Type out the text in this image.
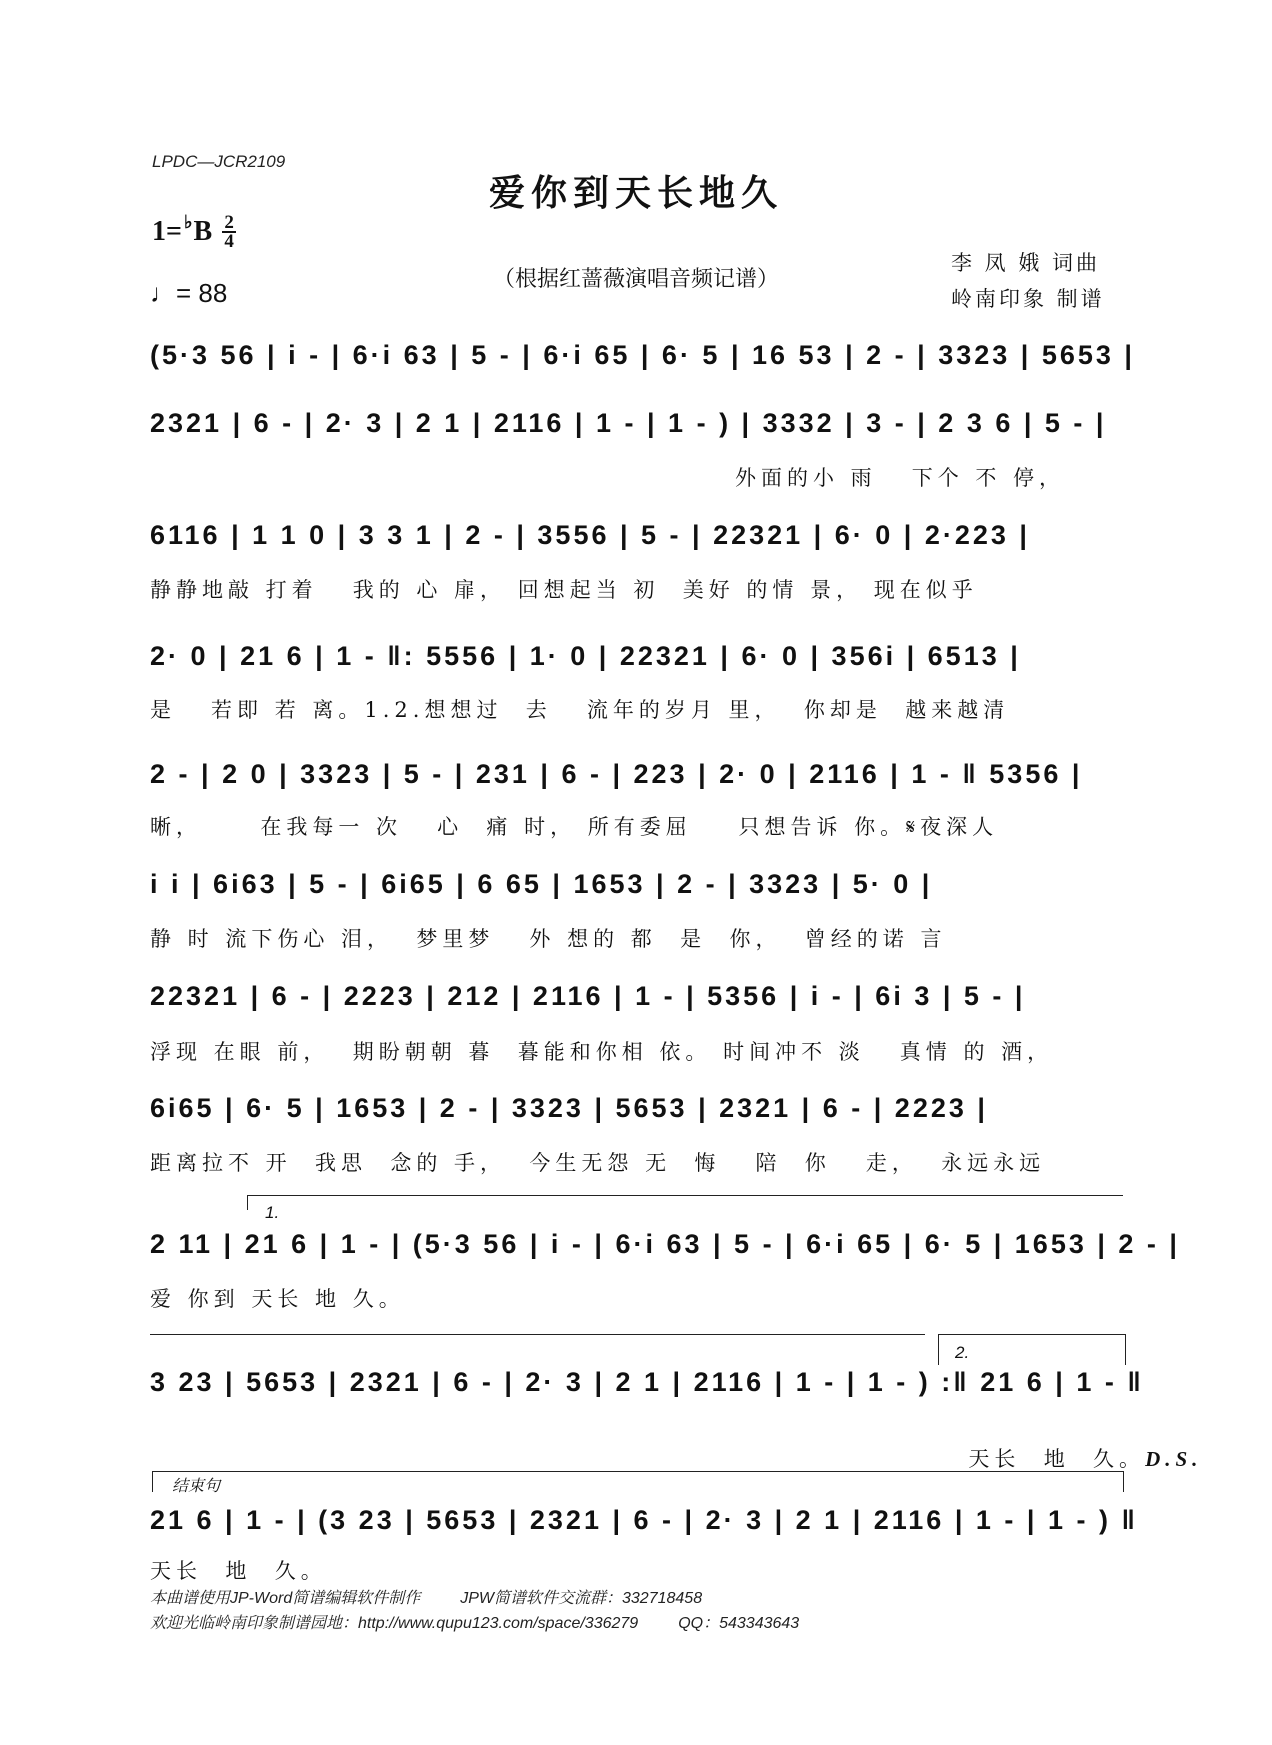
LPDC—JCR2109
爱你到天长地久
1= ♭ B $\frac{2}{4}$
♩= 88	（根据红蔷薇演唱音频记谱）
李 凤 娥 词曲
岭南印象 制谱
(5·3 56 | i - | 6·i 63 | 5 - | 6·i 65 | 6· 5 | 16 53 | 2 - | 3323 | 5653 |
2321 | 6 - | 2· 3 | 2 1 | 2116 | 1 - | 1 - ) | 3332 | 3 - | 2 3 6 | 5 - |
外面的小 雨   下个 不 停，
6116 | 1 1 0 | 3 3 1 | 2 - | 3556 | 5 - | 22321 | 6· 0 | 2·223 |
静静地敲 打着   我的 心 扉， 回想起当 初  美好 的情 景， 现在似乎
2· 0 | 21 6 | 1 - ‖: 5556 | 1· 0 | 22321 | 6· 0 | 356i | 6513 |
是   若即 若 离。1.2.想想过  去   流年的岁月 里，  你却是  越来越清
2 - | 2 0 | 3323 | 5 - | 231 | 6 - | 223 | 2· 0 | 2116 | 1 - ‖ 5356 |
晰，     在我每一 次   心  痛 时， 所有委屈    只想告诉 你。𝄋夜深人
i i | 6i63 | 5 - | 6i65 | 6 65 | 1653 | 2 - | 3323 | 5· 0 |
静 时 流下伤心 泪，  梦里梦   外 想的 都  是  你，  曾经的诺 言
22321 | 6 - | 2223 | 212 | 2116 | 1 - | 5356 | i - | 6i 3 | 5 - |
浮现 在眼 前，  期盼朝朝 暮  暮能和你相 依。 时间冲不 淡   真情 的 酒，
6i65 | 6· 5 | 1653 | 2 - | 3323 | 5653 | 2321 | 6 - | 2223 |
距离拉不 开  我思  念的 手，  今生无怨 无  悔   陪  你   走，  永远永远
1.
2 11 | 21 6 | 1 - | (5·3 56 | i - | 6·i 63 | 5 - | 6·i 65 | 6· 5 | 1653 | 2 - |
爱 你到 天长 地 久。
2.
3 23 | 5653 | 2321 | 6 - | 2· 3 | 2 1 | 2116 | 1 - | 1 - ) :‖ 21 6 | 1 - ‖

天长  地  久。D.S.

结束句
21 6 | 1 - | (3 23 | 5653 | 2321 | 6 - | 2· 3 | 2 1 | 2116 | 1 - | 1 - ) ‖
天长  地  久。
本曲谱使用JP-Word简谱编辑软件制作	JPW简谱软件交流群：332718458
欢迎光临岭南印象制谱园地：http://www.qupu123.com/space/336279	QQ：543343643
